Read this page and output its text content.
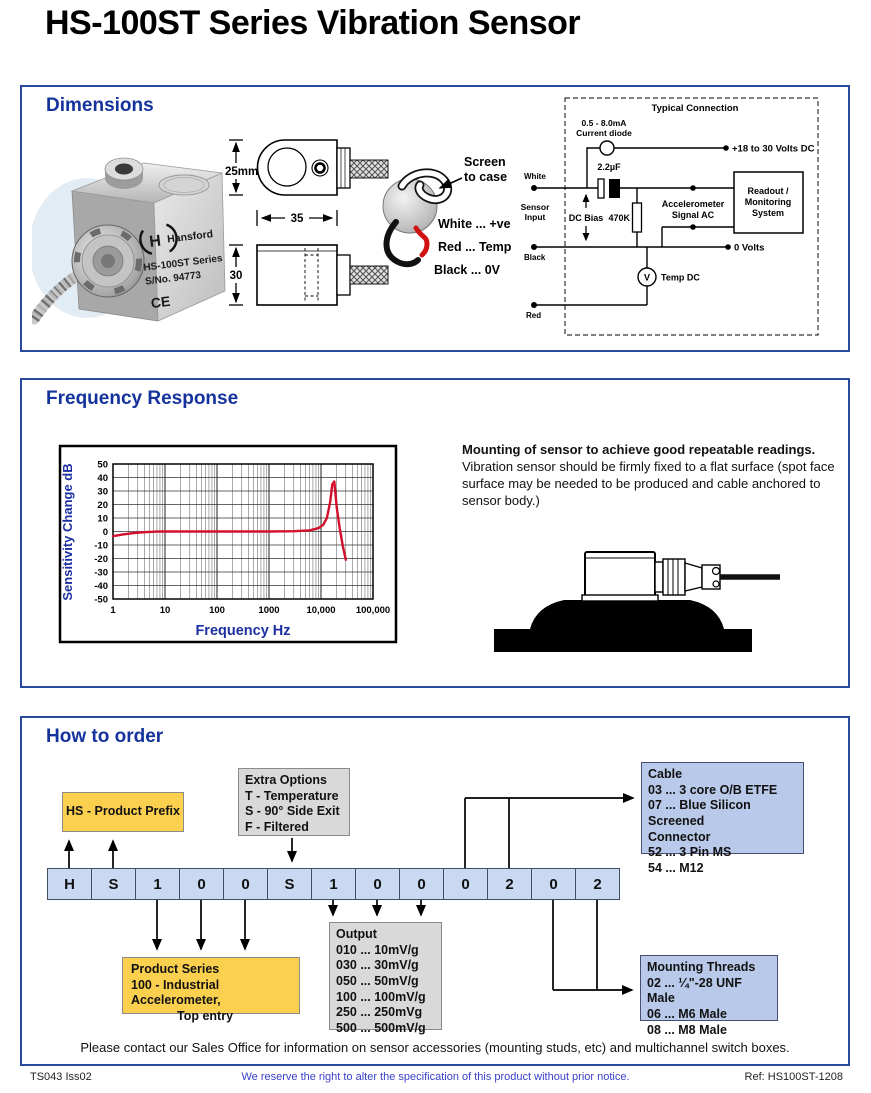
HS-100ST Series Vibration Sensor
Dimensions
H Hansford
HS-100ST Series
S/No. 94773
CE
25mm
35
30
Screen
to case
White ... +ve
Red ... Temp
Black ... 0V
Typical Connection
0.5 - 8.0mA
Current diode
+18 to 30 Volts DC
2.2µF
White
Sensor
Input	470K
Accelerometer
Signal AC
Readout /
Monitoring
System
0 Volts
Black
V Temp DC
Red
DC Bias
Frequency Response
1	10	100	1000	10,000 100,000
50
40
30
20
10
0
-10
-20
-30
-40
-50
Sensitivity Change dB
Frequency Hz
Mounting of sensor to achieve good repeatable readings. Vibration sensor should be firmly fixed to a flat surface (spot face surface may be needed to be produced and cable anchored to sensor body.)
How to order
HS - Product Prefix
Extra Options
T - Temperature
S - 90° Side Exit
F - Filtered
Cable
03 ... 3 core O/B ETFE
07 ... Blue Silicon Screened
Connector
52 ... 3 Pin MS
54 ... M12
H	S	1	0	0	S	1	0	0	0	2	0	2
Product Series
100 - Industrial Accelerometer,
Top entry
Output
010 ... 10mV/g
030 ... 30mV/g
050 ... 50mV/g
100 ... 100mV/g
250 ... 250mVg
500 ... 500mV/g
Mounting Threads
02 ... ¼"-28 UNF Male
06 ... M6 Male
08 ... M8 Male
Please contact our Sales Office for information on sensor accessories (mounting studs, etc) and multichannel switch boxes.
TS043 Iss02	We reserve the right to alter the specification of this product without prior notice.	Ref: HS100ST-1208
